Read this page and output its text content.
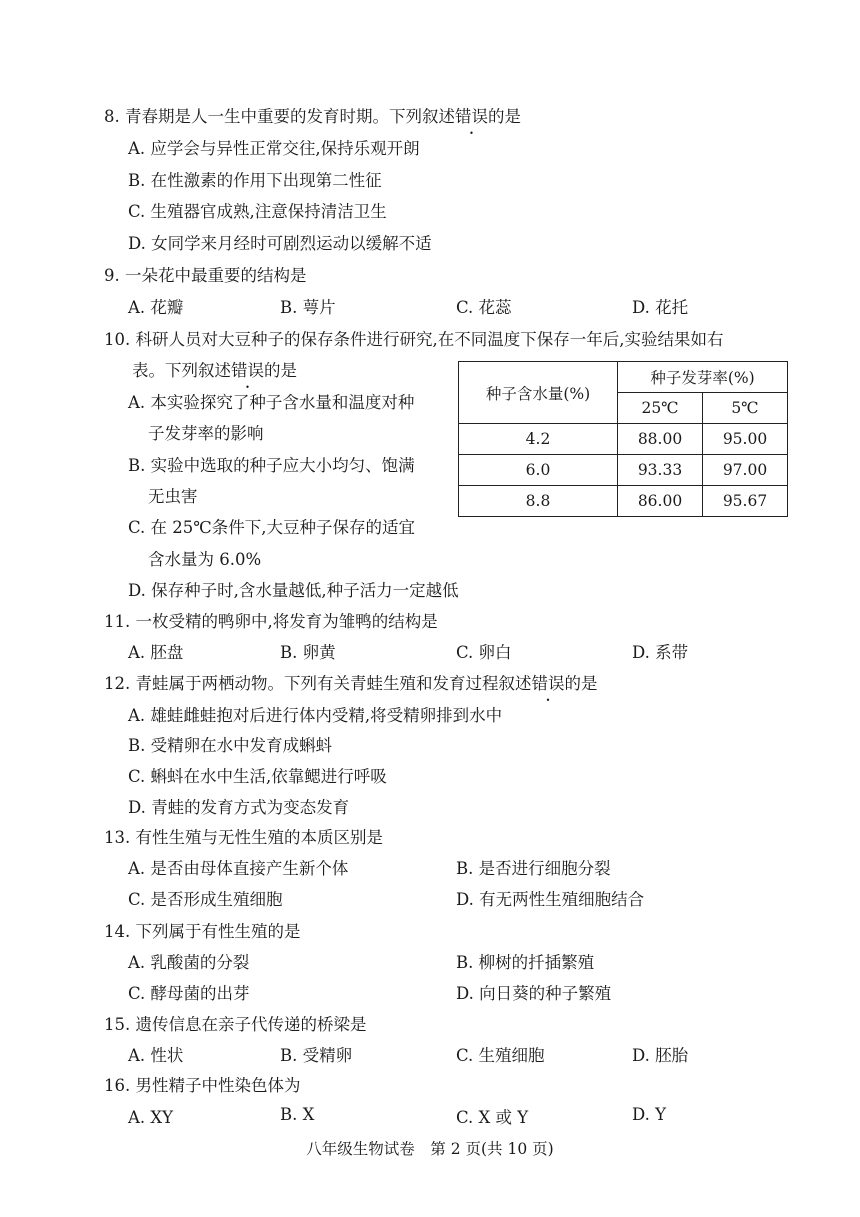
8. 青春期是人一生中重要的发育时期。下列叙述错误的是
A. 应学会与异性正常交往,保持乐观开朗
B. 在性激素的作用下出现第二性征
C. 生殖器官成熟,注意保持清洁卫生
D. 女同学来月经时可剧烈运动以缓解不适
9. 一朵花中最重要的结构是
A. 花瓣	B. 萼片	C. 花蕊	D. 花托
10. 科研人员对大豆种子的保存条件进行研究,在不同温度下保存一年后,实验结果如右
表。下列叙述错误的是
A. 本实验探究了种子含水量和温度对种
子发芽率的影响
B. 实验中选取的种子应大小均匀、饱满
无虫害
C. 在 25℃条件下,大豆种子保存的适宜
含水量为 6.0%
D. 保存种子时,含水量越低,种子活力一定越低
种子含水量(%)	种子发芽率(%)	
	25℃	5℃
4.2	88.00	95.00
6.0	93.33	97.00
8.8	86.00	95.67
11. 一枚受精的鸭卵中,将发育为雏鸭的结构是
A. 胚盘	B. 卵黄	C. 卵白	D. 系带
12. 青蛙属于两栖动物。下列有关青蛙生殖和发育过程叙述错误的是
A. 雄蛙雌蛙抱对后进行体内受精,将受精卵排到水中
B. 受精卵在水中发育成蝌蚪
C. 蝌蚪在水中生活,依靠鳃进行呼吸
D. 青蛙的发育方式为变态发育
13. 有性生殖与无性生殖的本质区别是
A. 是否由母体直接产生新个体	B. 是否进行细胞分裂
C. 是否形成生殖细胞	D. 有无两性生殖细胞结合
14. 下列属于有性生殖的是
A. 乳酸菌的分裂	B. 柳树的扦插繁殖
C. 酵母菌的出芽	D. 向日葵的种子繁殖
15. 遗传信息在亲子代传递的桥梁是
A. 性状	B. 受精卵	C. 生殖细胞	D. 胚胎
16. 男性精子中性染色体为
A. XY	B. X	C. X 或 Y	D. Y
八年级生物试卷　第 2 页(共 10 页)
